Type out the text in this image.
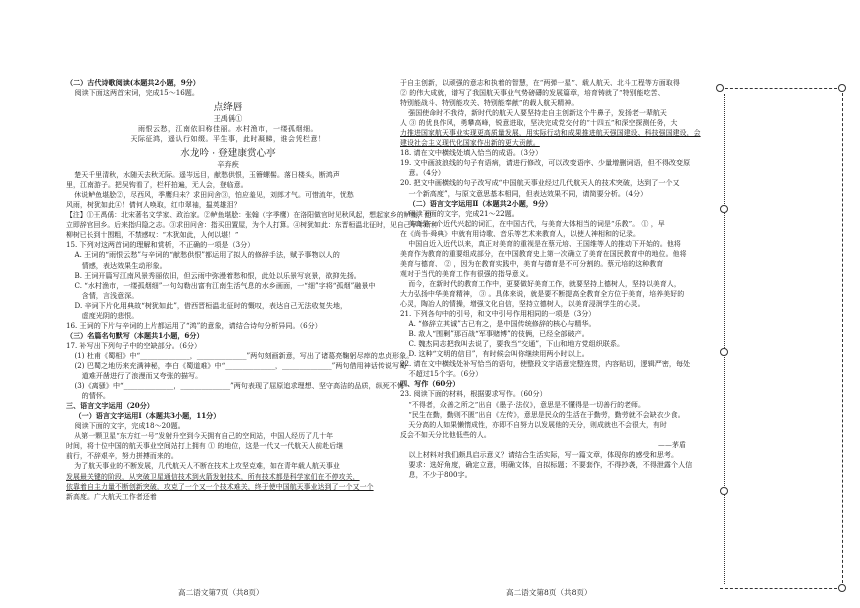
（二）古代诗歌阅读(本题共2小题，9分）
阅读下面这两首宋词，完成15～16题。
点绛唇
王禹偁①
雨恨云愁，江南依旧称佳丽。水村渔市，一缕孤烟细。
天际征鸿，遥认行如缀。平生事，此时凝睇，谁会凭栏意！
水龙吟 · 登建康赏心亭
辛弃疾
楚天千里清秋，水随天去秋无际。遥岑远目，献愁供恨，玉簪螺髻。落日楼头，断鸿声
里，江南游子。把吴钩看了，栏杆拍遍，无人会，登临意。
休说鲈鱼堪脍②，尽西风，季鹰归未？求田问舍③，怕应羞见，刘郎才气。可惜流年，忧愁
风雨，树犹如此④！倩何人唤取，红巾翠袖，揾英雄泪？
【注】①王禹偁：北宋著名文学家、政治家。②鲈鱼堪脍：张翰（字季鹰）在洛阳做官时见秋风起，想起家乡的鲈鱼，便
立即辞官回乡。后来指归隐之志。③求田问舍：指买田置屋，为个人打算。④树犹如此：东晋桓温北征时，见自己早年所种
柳树已长到十围粗，不禁感叹：“木犹如此，人何以堪！”
15. 下列对这两首词的理解和赏析，不正确的一项是（3分）
A. 王词的“雨恨云愁”与辛词的“献愁供恨”都运用了拟人的修辞手法，赋予事物以人的
情感，表达效果生动形象。
B. 王词开篇写江南风景秀丽依旧，但云雨中弥漫着愁和恨，此处以乐景写哀景，欲抑先扬。
C. “水村渔市，一缕孤烟细”一句勾勒出富有江南生活气息的水乡画面，一“细”字将“孤烟”融景中
含情，言浅意深。
D. 辛词下片化用典故“树犹如此”，借西晋桓温北征时的慨叹，表达自己无法收复失地，
虚度光阴的悲恨。
16. 王词的下片与辛词的上片都运用了“鸿”的意象，请结合诗句分析异同。（6分）
（三）名篇名句默写（本题共1小题，6分）
17. 补写出下列句子中的空缺部分。（6分）
(1) 杜甫《蜀相》中“______________，______________”两句刻画新意，写出了诸葛亮鞠躬尽瘁的忠贞形象。
(2) 巴蜀之地历来充满神秘，李白《蜀道难》中“______________，______________”两句借用神话传说写蜀
道难开凿进行了浪漫而又夸张的描写。
(3)《离骚》中“______________，______________”两句表现了屈原追求理想、坚守高洁的品质，纵死不悔
的情怀。
三、语言文字运用（20分）
（一）语言文字运用Ⅰ（本题共3小题，11分）
阅读下面的文字，完成18～20题。
从第一颗卫星“东方红一号”发射升空到今天拥有自己的空间站，中国人经历了几十年
时间，将十位中国的航天事业空间站打上拥有 ① 的地位，这是一代又一代航天人前赴后继
前行，不辞艰辛，努力拼搏而来的。
为了航天事业的不断发展，几代航天人不断在技术上攻坚克难，如在青年载人航天事业
发展最关键的阶段，从突破卫星通信技术到火箭发射技术，所有技术都是科学家们在不停攻关，
依靠着自主力量不断创新突破，攻克了一个又一个技术难关，终于使中国航天事业达到了一个又一个
新高度。广大航天工作者还着
于自主创新，以顽强的意志和执着的智慧，在“两弹一星”、载人航天、北斗工程等方面取得
② 的伟大成就，谱写了我国航天事业气势磅礴的发展篇章，培育铸就了“特别能吃苦、
特别能战斗、特别能攻关、特别能奉献”的载人航天精神。
强国使命时不我待，新时代的航天人要坚持走自主创新这个牛鼻子，发扬老一辈航天
人 ③ 的优良作风，勇攀高峰，锐意进取，坚决完成党交付的“十四五”和深空探测任务，大
力推进国家航天事业实现更高质量发展，用实际行动和成果推进航天强国建设、科技强国建设，会
建设社会主义现代化国家作出新的更大贡献。
18. 请在文中横线处填入恰当的成语。（3分）
19. 文中画波浪线的句子有语病，请进行修改，可以改变语序、少量增删词语，但不得改变原
意。（4分）
20. 把文中画横线的句子改写成“中国航天事业经过几代航天人的技术突破，达到了一个又
一个新高度”，与原文意思基本相同，但表达效果不同，请简要分析。（4分）
（二）语言文字运用Ⅱ（本题共2小题，9分）
阅读下面的文字，完成21～22题。
美育是一个近代兴起的词汇，在中国古代，与美育大体相当的词是“乐教”。 ① ，早
在《尚书·舜典》中就有用诗歌、音乐等艺术来教育人，以使人神相和的记录。
中国自近入近代以来，真正对美育的重视是在蔡元培、王国维等人的推动下开始的。他将
美育作为教育的重要组成部分，在中国教育史上第一次确立了美育在国民教育中的地位。他将
美育与德育、 ② ，因为在教育实践中，美育与德育是不可分割的。蔡元培的这种教育
观对于当代的美育工作有很强的指导意义。
而今，在新时代的教育工作中，更要做好美育工作，就要坚持上德树人，坚持以美育人，
大力弘扬中华美育精神， ③ 。具体来说，就是要不断提高全教育全方位于美育，培养美好的
心灵，陶冶人的情操，增强文化自信，坚持立德树人，以美育浸润学生的心灵。
21. 下列各句中的引号，和文中引号作用相同的一项是（3分）
A. “修辞立其诚”古已有之，是中国传统修辞的核心与精华。
B. 敌人“围剿”那百战“军事赌博”的伎俩，已经全部破产。
C. 魏杰同志把我叫去说了，要我当“交通”，下山和地方党组织联系。
D. 这种“文明的信目”，有时候会叫你继续用两小时以上。
22. 请在文中横线处补写恰当的语句，使整段文字语意完整连贯，内容贴切，逻辑严密，每处
不超过15个字。（6分）
四、写作（60分）
23. 阅读下面的材料，根据要求写作。（60分）
“不得者，众善之所之”出自《墨子·法仪》，意思是不懂得是一切善行的老师。
“民生在勤，勤则不匮”出自《左传》，意思是民众的生活在于勤劳，勤劳就不会缺衣少食。
天分高的人如果懒惰成性，亦即不自努力以发展他的天分，则成就也不会很大，有时
反会不如天分比他低些的人。
——茅盾
以上材料对我们颇具启示意义？请结合生活实际，写一篇文章，体现你的感受和思考。
要求：选好角度，确定立意，明确文体，自拟标题；不要套作，不得抄袭，不得泄露个人信
息，不少于800字。
高二语文第7页（共8页）	高二语文第8页（共8页）
